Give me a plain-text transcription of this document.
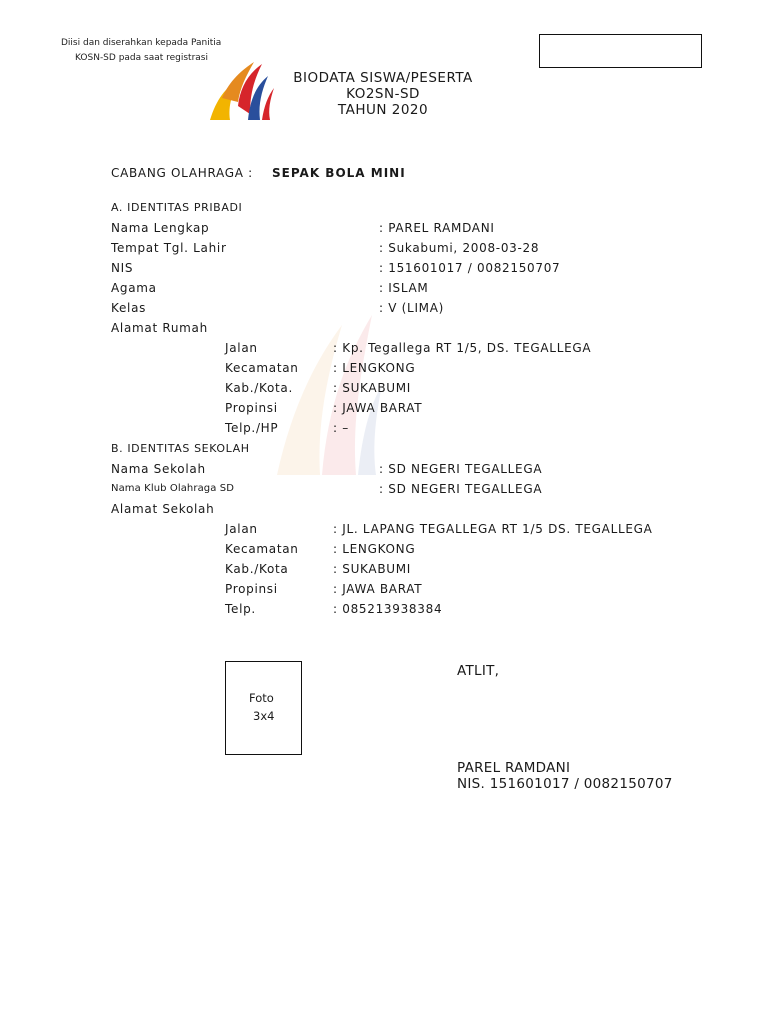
Diisi dan diserahkan kepada Panitia
KOSN-SD pada saat registrasi
BIODATA SISWA/PESERTA
KO2SN-SD
TAHUN 2020
CABANG OLAHRAGA : SEPAK BOLA MINI
A. IDENTITAS PRIBADI
Nama Lengkap	: PAREL RAMDANI
Tempat Tgl. Lahir	: Sukabumi, 2008-03-28
NIS	: 151601017 / 0082150707
Agama	: ISLAM
Kelas	: V (LIMA)
Alamat Rumah
Jalan	: Kp. Tegallega RT 1/5, DS. TEGALLEGA
Kecamatan	: LENGKONG
Kab./Kota.	: SUKABUMI
Propinsi	: JAWA BARAT
Telp./HP	: –
B. IDENTITAS SEKOLAH
Nama Sekolah	: SD NEGERI TEGALLEGA
Nama Klub Olahraga SD	: SD NEGERI TEGALLEGA
Alamat Sekolah
Jalan	: JL. LAPANG TEGALLEGA RT 1/5 DS. TEGALLEGA
Kecamatan	: LENGKONG
Kab./Kota	: SUKABUMI
Propinsi	: JAWA BARAT
Telp.	: 085213938384
Foto
3x4
ATLIT,
PAREL RAMDANI
NIS. 151601017 / 0082150707
